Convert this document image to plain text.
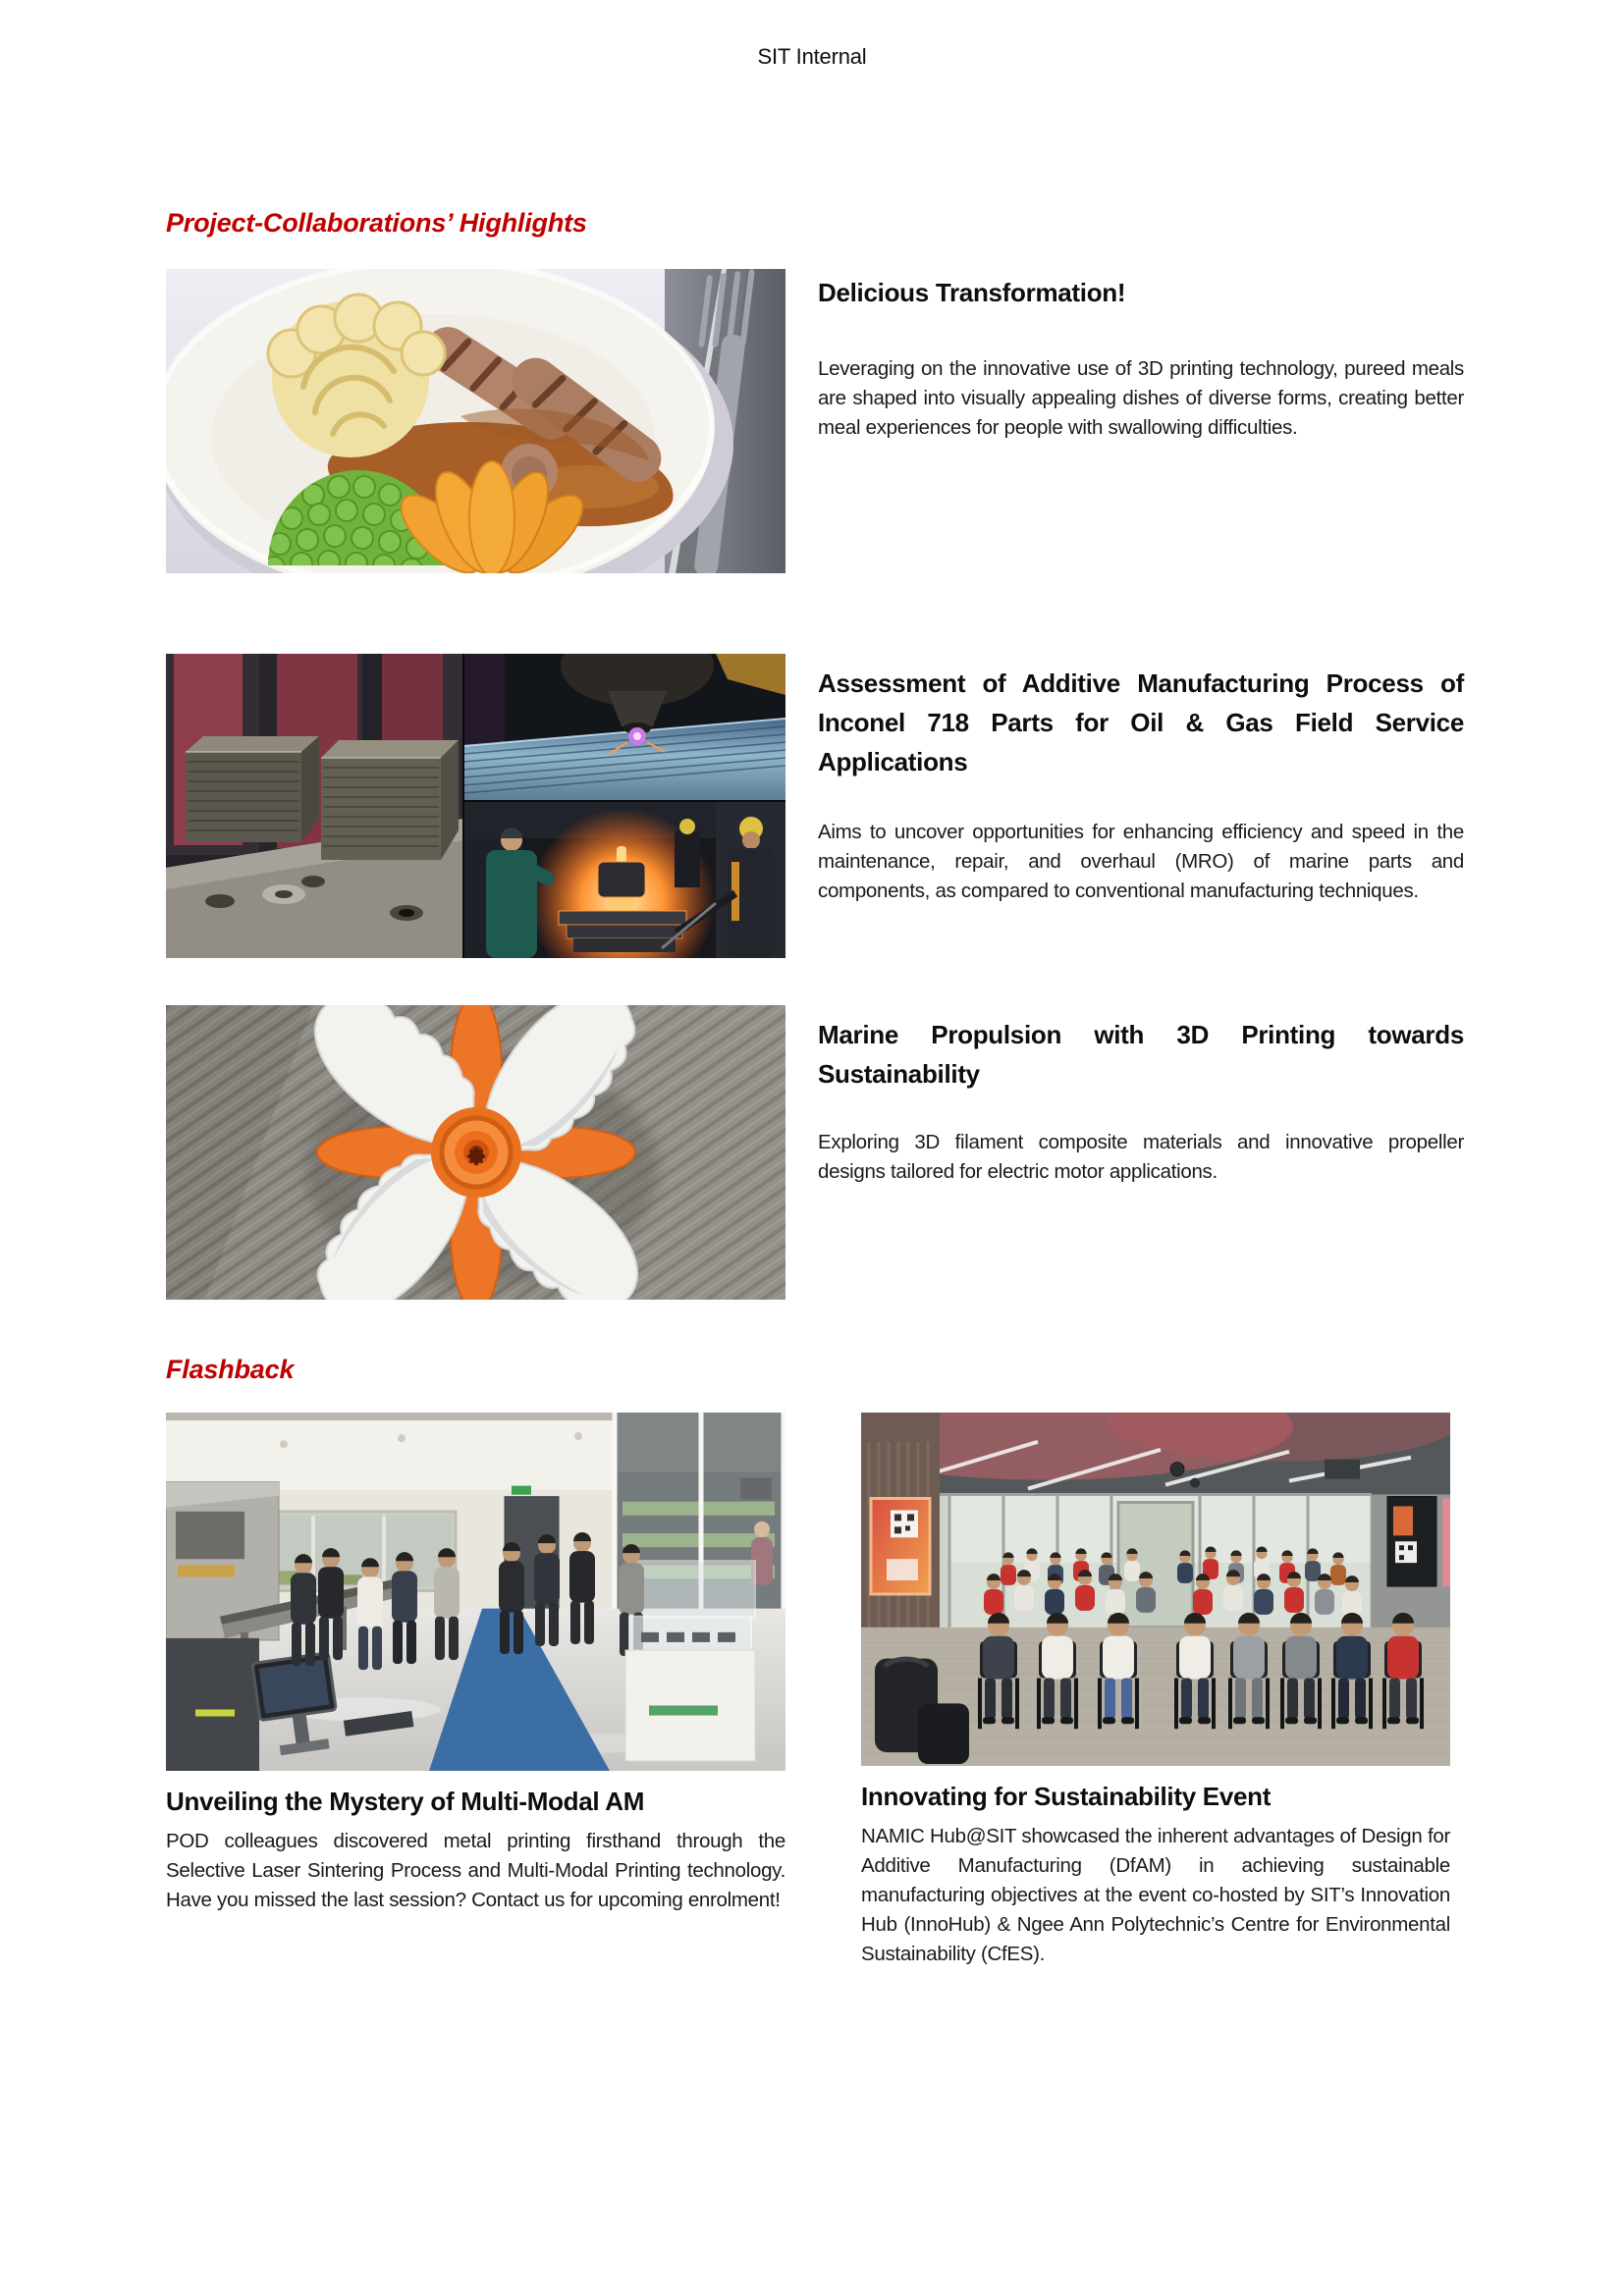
SIT Internal
Project-Collaborations’ Highlights
Delicious Transformation!

Leveraging on the innovative use of 3D printing technology, pureed meals are shaped into visually appealing dishes of diverse forms, creating better meal experiences for people with swallowing difficulties.

Assessment of Additive Manufacturing Process of Inconel 718 Parts for Oil & Gas Field Service Applications

Aims to uncover opportunities for enhancing efficiency and speed in the maintenance, repair, and overhaul (MRO) of marine parts and components, as compared to conventional manufacturing techniques.

Marine Propulsion with 3D Printing towards Sustainability

Exploring 3D filament composite materials and innovative propeller designs tailored for electric motor applications.

Flashback
Unveiling the Mystery of Multi-Modal AM

POD colleagues discovered metal printing firsthand through the Selective Laser Sintering Process and Multi-Modal Printing technology. Have you missed the last session? Contact us for upcoming enrolment!

Innovating for Sustainability Event

NAMIC Hub@SIT showcased the inherent advantages of Design for Additive Manufacturing (DfAM) in achieving sustainable manufacturing objectives at the event co-hosted by SIT’s Innovation Hub (InnoHub) & Ngee Ann Polytechnic’s Centre for Environmental Sustainability (CfES).
